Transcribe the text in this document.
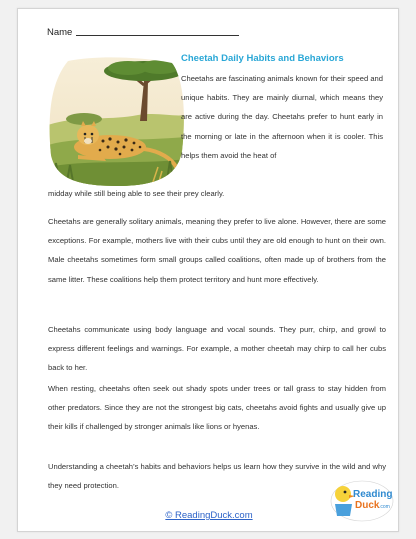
Name
Cheetah Daily Habits and Behaviors
Cheetahs are fascinating animals known for their speed and unique habits. They are mainly diurnal, which means they are active during the day. Cheetahs prefer to hunt early in the morning or late in the afternoon when it is cooler. This helps them avoid the heat of
midday while still being able to see their prey clearly.
Cheetahs are generally solitary animals, meaning they prefer to live alone. However, there are some exceptions. For example, mothers live with their cubs until they are old enough to hunt on their own. Male cheetahs sometimes form small groups called coalitions, often made up of brothers from the same litter. These coalitions help them protect territory and hunt more effectively.
Cheetahs communicate using body language and vocal sounds. They purr, chirp, and growl to express different feelings and warnings. For example, a mother cheetah may chirp to call her cubs back to her.
When resting, cheetahs often seek out shady spots under trees or tall grass to stay hidden from other predators. Since they are not the strongest big cats, cheetahs avoid fights and usually give up their kills if challenged by stronger animals like lions or hyenas.
Understanding a cheetah’s habits and behaviors helps us learn how they survive in the wild and why they need protection.
© ReadingDuck.com
Reading
Duck .com
